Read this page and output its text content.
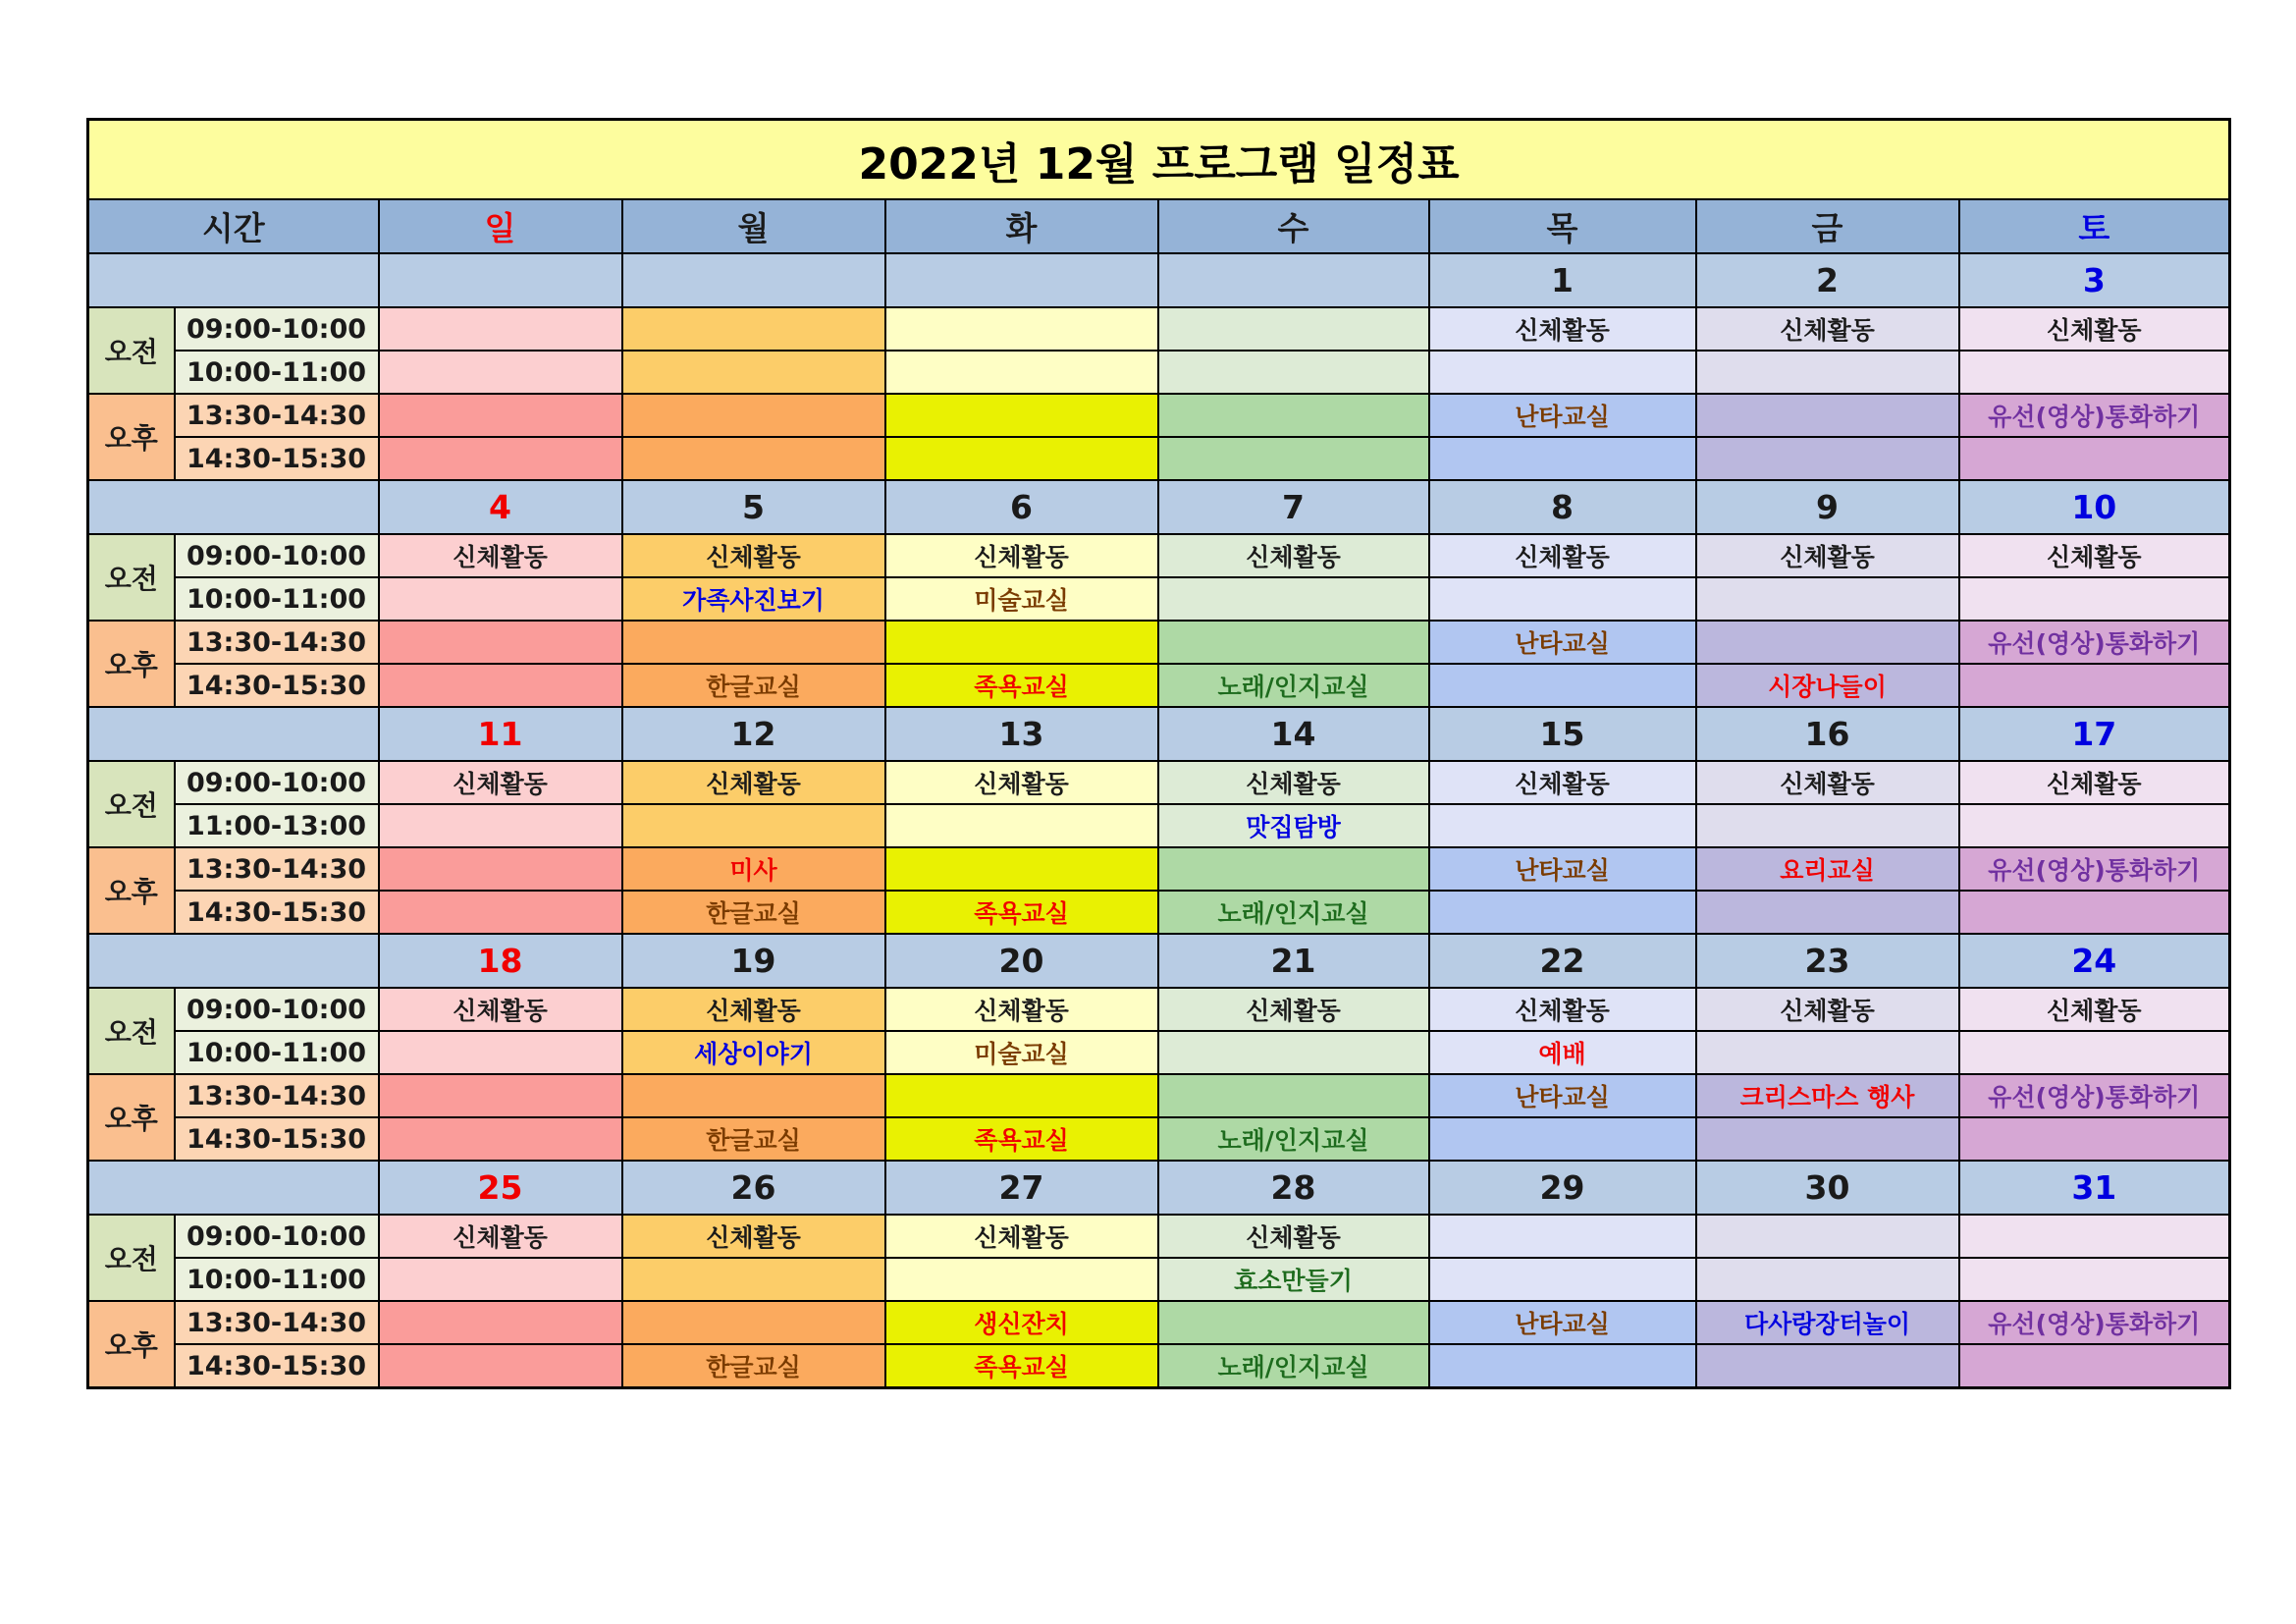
2022년 12월 프로그램 일정표								
시간		일	월	화	수	목	금	토
						1	2	3
오전	09:00-10:00					신체활동	신체활동	신체활동
	10:00-11:00							
오후	13:30-14:30					난타교실		유선(영상)통화하기
	14:30-15:30							
		4	5	6	7	8	9	10
오전	09:00-10:00	신체활동	신체활동	신체활동	신체활동	신체활동	신체활동	신체활동
	10:00-11:00		가족사진보기	미술교실				
오후	13:30-14:30					난타교실		유선(영상)통화하기
	14:30-15:30		한글교실	족욕교실	노래/인지교실		시장나들이	
		11	12	13	14	15	16	17
오전	09:00-10:00	신체활동	신체활동	신체활동	신체활동	신체활동	신체활동	신체활동
	11:00-13:00				맛집탐방			
오후	13:30-14:30		미사			난타교실	요리교실	유선(영상)통화하기
	14:30-15:30		한글교실	족욕교실	노래/인지교실			
		18	19	20	21	22	23	24
오전	09:00-10:00	신체활동	신체활동	신체활동	신체활동	신체활동	신체활동	신체활동
	10:00-11:00		세상이야기	미술교실		예배		
오후	13:30-14:30					난타교실	크리스마스 행사	유선(영상)통화하기
	14:30-15:30		한글교실	족욕교실	노래/인지교실			
		25	26	27	28	29	30	31
오전	09:00-10:00	신체활동	신체활동	신체활동	신체활동			
	10:00-11:00				효소만들기			
오후	13:30-14:30			생신잔치		난타교실	다사랑장터놀이	유선(영상)통화하기
	14:30-15:30		한글교실	족욕교실	노래/인지교실			
